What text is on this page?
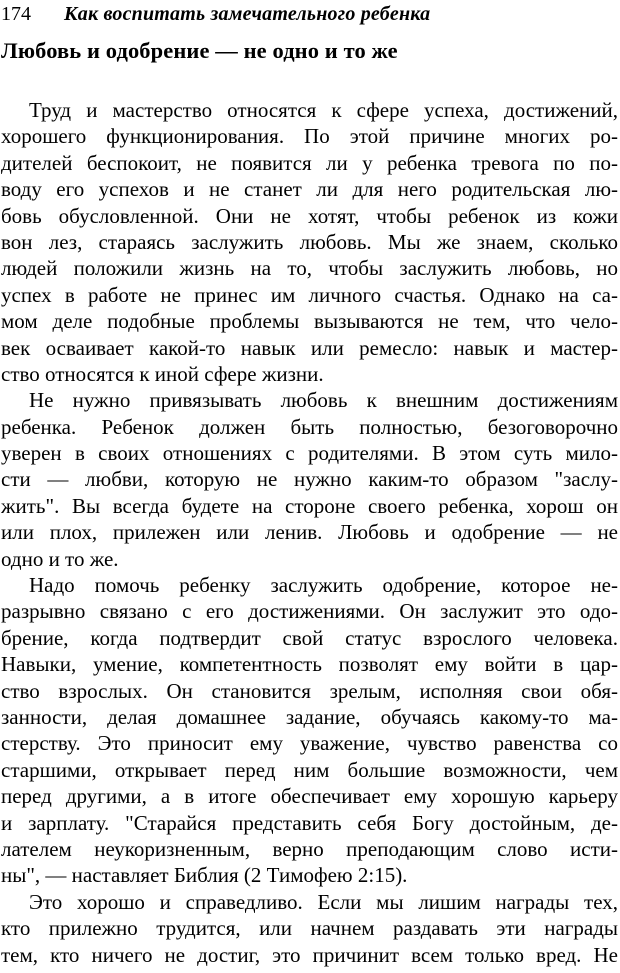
174 Как воспитать замечательного ребенка
Любовь и одобрение — не одно и то же
Труд и мастерство относятся к сфере успеха, достижений,
хорошего функционирования. По этой причине многих ро-
дителей беспокоит, не появится ли у ребенка тревога по по-
воду его успехов и не станет ли для него родительская лю-
бовь обусловленной. Они не хотят, чтобы ребенок из кожи
вон лез, стараясь заслужить любовь. Мы же знаем, сколько
людей положили жизнь на то, чтобы заслужить любовь, но
успех в работе не принес им личного счастья. Однако на са-
мом деле подобные проблемы вызываются не тем, что чело-
век осваивает какой-то навык или ремесло: навык и мастер-
ство относятся к иной сфере жизни.
Не нужно привязывать любовь к внешним достижениям
ребенка. Ребенок должен быть полностью, безоговорочно
уверен в своих отношениях с родителями. В этом суть мило-
сти — любви, которую не нужно каким-то образом "заслу-
жить". Вы всегда будете на стороне своего ребенка, хорош он
или плох, прилежен или ленив. Любовь и одобрение — не
одно и то же.
Надо помочь ребенку заслужить одобрение, которое не-
разрывно связано с его достижениями. Он заслужит это одо-
брение, когда подтвердит свой статус взрослого человека.
Навыки, умение, компетентность позволят ему войти в цар-
ство взрослых. Он становится зрелым, исполняя свои обя-
занности, делая домашнее задание, обучаясь какому-то ма-
стерству. Это приносит ему уважение, чувство равенства со
старшими, открывает перед ним большие возможности, чем
перед другими, а в итоге обеспечивает ему хорошую карьеру
и зарплату. "Старайся представить себя Богу достойным, де-
лателем неукоризненным, верно преподающим слово исти-
ны", — наставляет Библия (2 Тимофею 2:15).
Это хорошо и справедливо. Если мы лишим награды тех,
кто прилежно трудится, или начнем раздавать эти награды
тем, кто ничего не достиг, это причинит всем только вред. Не
